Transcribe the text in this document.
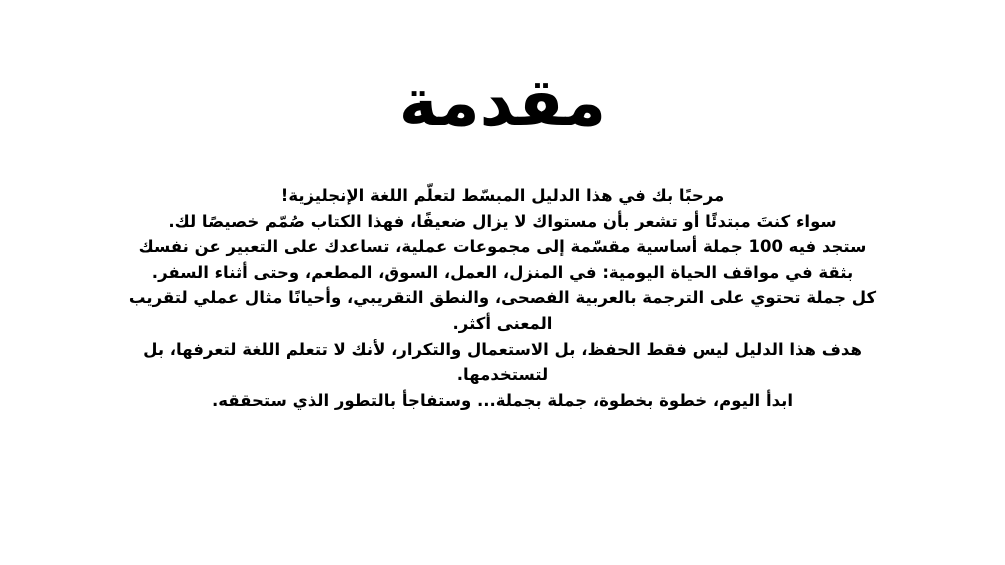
مقدمة
مرحبًا بك في هذا الدليل المبسّط لتعلّم اللغة الإنجليزية!
سواء كنتَ مبتدئًا أو تشعر بأن مستواك لا يزال ضعيفًا، فهذا الكتاب صُمّم خصيصًا لك.
ستجد فيه 100 جملة أساسية مقسّمة إلى مجموعات عملية، تساعدك على التعبير عن نفسك
بثقة في مواقف الحياة اليومية: في المنزل، العمل، السوق، المطعم، وحتى أثناء السفر.
كل جملة تحتوي على الترجمة بالعربية الفصحى، والنطق التقريبي، وأحيانًا مثال عملي لتقريب
المعنى أكثر.
هدف هذا الدليل ليس فقط الحفظ، بل الاستعمال والتكرار، لأنك لا تتعلم اللغة لتعرفها، بل
لتستخدمها.
ابدأ اليوم، خطوة بخطوة، جملة بجملة... وستفاجأ بالتطور الذي ستحققه.
